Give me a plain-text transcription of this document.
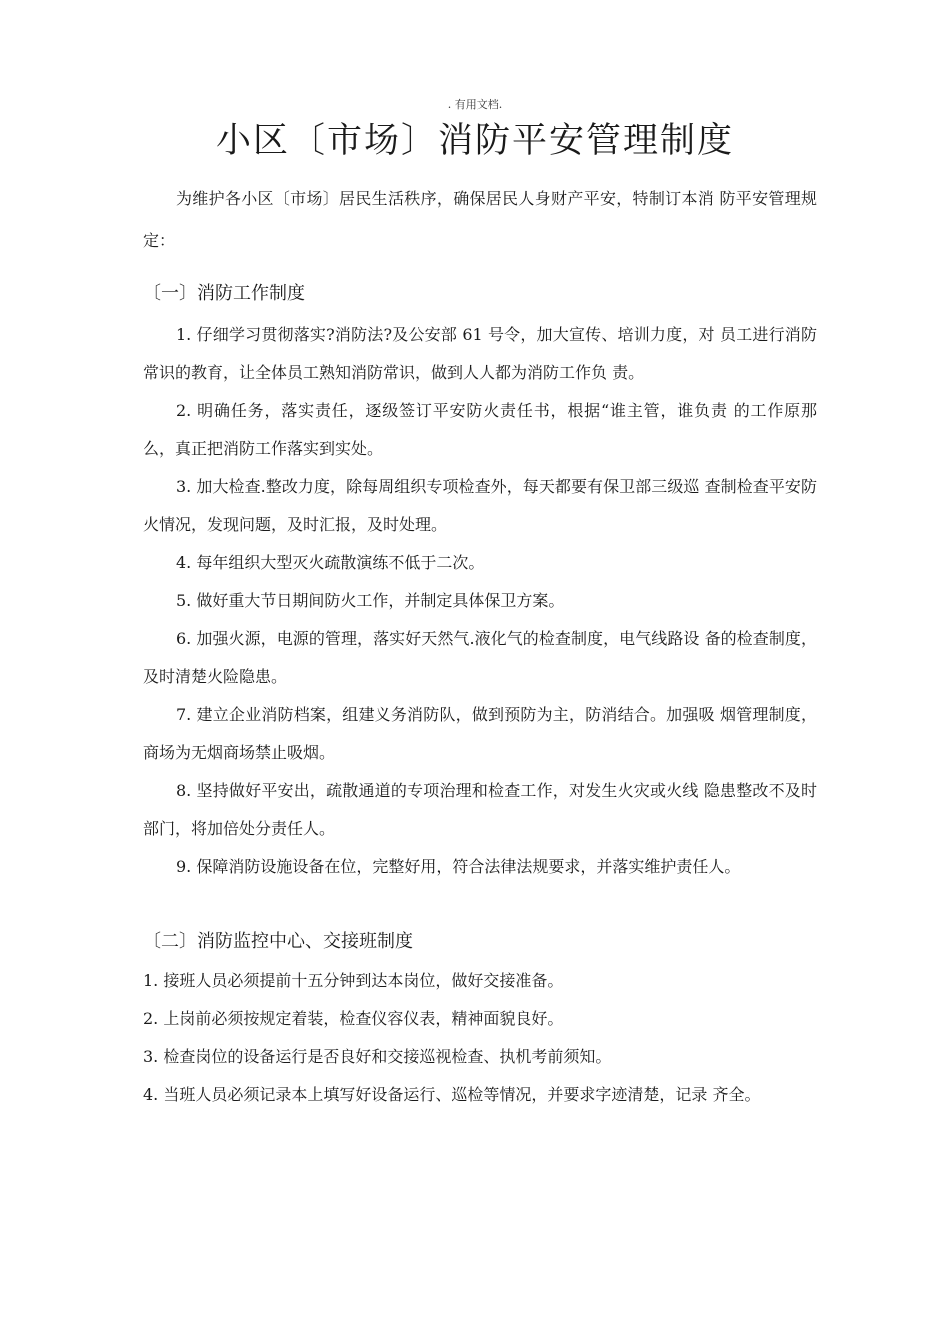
. 有用文档.
小区〔市场〕消防平安管理制度

为维护各小区〔市场〕居民生活秩序，确保居民人身财产平安，特制订本消 防平安管理规定：

〔一〕消防工作制度

1. 仔细学习贯彻落实?消防法?及公安部 61 号令，加大宣传、培训力度，对 员工进行消防常识的教育，让全体员工熟知消防常识，做到人人都为消防工作负 责。

2. 明确任务，落实责任，逐级签订平安防火责任书，根据“谁主管，谁负责 的工作原那么，真正把消防工作落实到实处。

3. 加大检查.整改力度，除每周组织专项检查外，每天都要有保卫部三级巡 查制检查平安防火情况，发现问题，及时汇报，及时处理。

4. 每年组织大型灭火疏散演练不低于二次。

5. 做好重大节日期间防火工作，并制定具体保卫方案。

6. 加强火源，电源的管理，落实好天然气.液化气的检查制度，电气线路设 备的检查制度，及时清楚火险隐患。

7. 建立企业消防档案，组建义务消防队，做到预防为主，防消结合。加强吸 烟管理制度，商场为无烟商场禁止吸烟。

8. 坚持做好平安出，疏散通道的专项治理和检查工作，对发生火灾或火线 隐患整改不及时部门，将加倍处分责任人。

9. 保障消防设施设备在位，完整好用，符合法律法规要求，并落实维护责任人。

〔二〕消防监控中心、交接班制度

1. 接班人员必须提前十五分钟到达本岗位，做好交接准备。

2. 上岗前必须按规定着装，检查仪容仪表，精神面貌良好。

3. 检查岗位的设备运行是否良好和交接巡视检查、执机考前须知。

4. 当班人员必须记录本上填写好设备运行、巡检等情况，并要求字迹清楚，记录 齐全。
